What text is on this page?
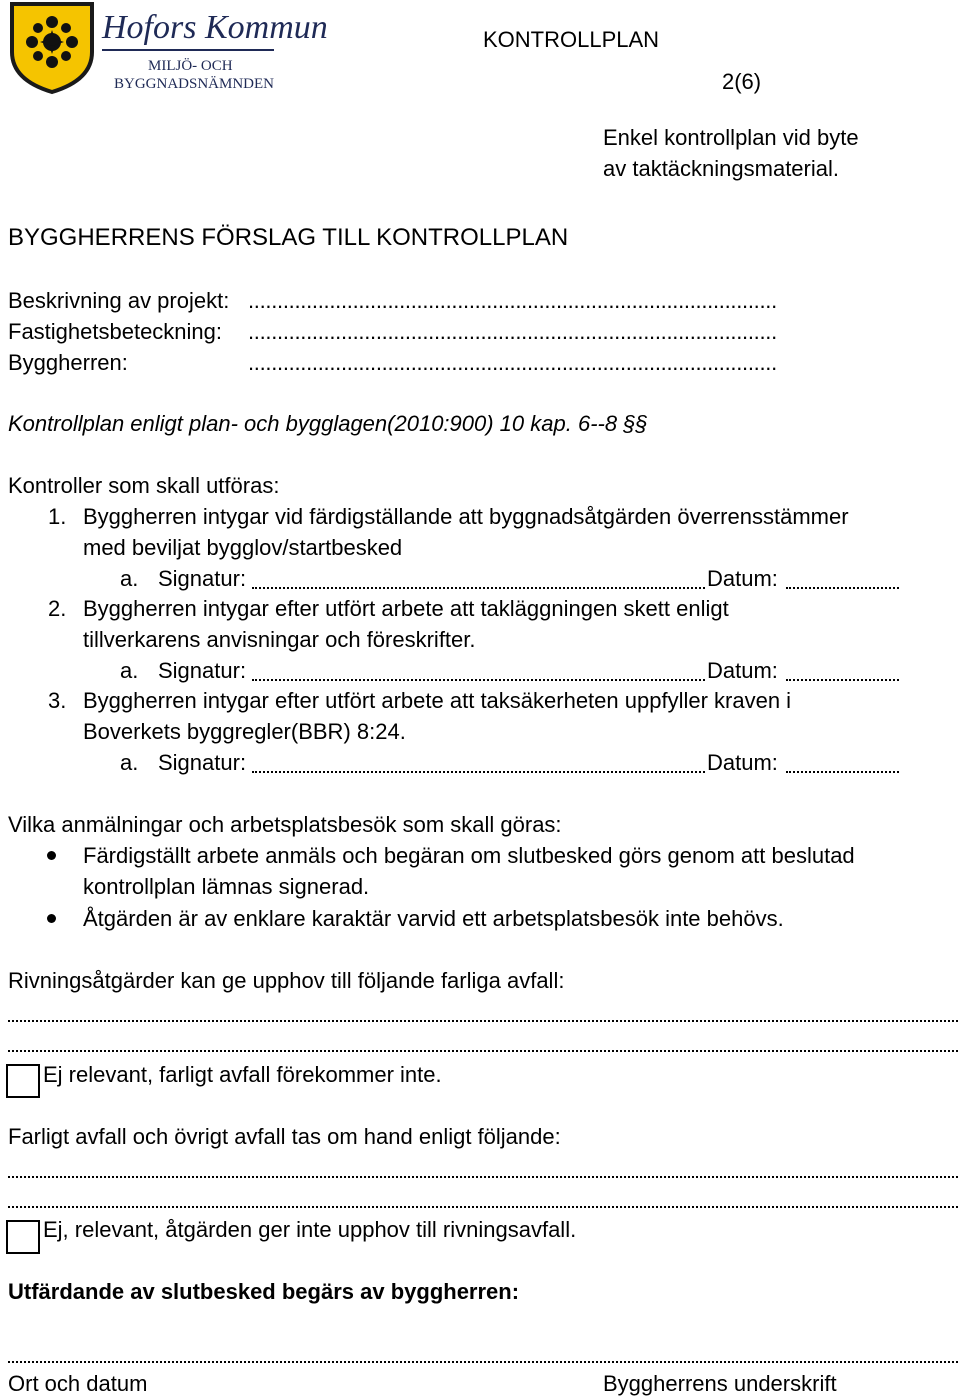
Hofors Kommun
MILJÖ- OCH
BYGGNADSNÄMNDEN
KONTROLLPLAN
2(6)
Enkel kontrollplan vid byte
av taktäckningsmaterial.
BYGGHERRENS FÖRSLAG TILL KONTROLLPLAN
Beskrivning av projekt: ...........................................................................................
Fastighetsbeteckning: ...........................................................................................
Byggherren:	...........................................................................................
Kontrollplan enligt plan- och bygglagen(2010:900) 10 kap. 6--8 §§
Kontroller som skall utföras:
1. Byggherren intygar vid färdigställande att byggnadsåtgärden överrensstämmer
med beviljat bygglov/startbesked
a. Signatur:	Datum:
2. Byggherren intygar efter utfört arbete att takläggningen skett enligt
tillverkarens anvisningar och föreskrifter.
a. Signatur:	Datum:
3. Byggherren intygar efter utfört arbete att taksäkerheten uppfyller kraven i
Boverkets byggregler(BBR) 8:24.
a. Signatur:	Datum:
Vilka anmälningar och arbetsplatsbesök som skall göras:
Färdigställt arbete anmäls och begäran om slutbesked görs genom att beslutad
kontrollplan lämnas signerad.
Åtgärden är av enklare karaktär varvid ett arbetsplatsbesök inte behövs.
Rivningsåtgärder kan ge upphov till följande farliga avfall:
Ej relevant, farligt avfall förekommer inte.
Farligt avfall och övrigt avfall tas om hand enligt följande:
Ej, relevant, åtgärden ger inte upphov till rivningsavfall.
Utfärdande av slutbesked begärs av byggherren:
Ort och datum	Byggherrens underskrift
